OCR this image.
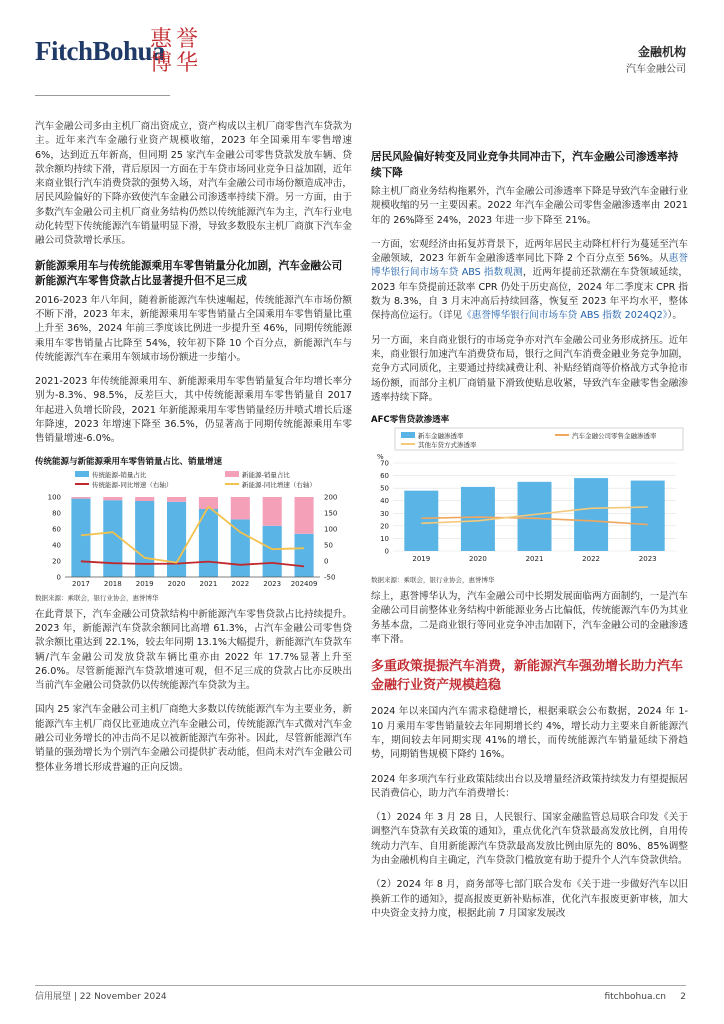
FitchBohua
惠誉博华	金融机构
汽车金融公司

汽车金融公司多由主机厂商出资成立，资产构成以主机厂商零售汽车贷款为主。近年来汽车金融行业资产规模收缩，2023 年全国乘用车零售增速 6%，达到近五年新高，但同期 25 家汽车金融公司零售贷款发放车辆、贷款余额均持续下滑，背后原因一方面在于车贷市场同业竞争日益加剧，近年来商业银行汽车消费贷款的强势入场，对汽车金融公司市场份额造成冲击，居民风险偏好的下降亦致使汽车金融公司渗透率持续下滑。另一方面，由于多数汽车金融公司主机厂商业务结构仍然以传统能源汽车为主，汽车行业电动化转型下传统能源汽车销量明显下滑，导致多数股东主机厂商旗下汽车金融公司贷款增长承压。

新能源乘用车与传统能源乘用车零售销量分化加剧，汽车金融公司新能源汽车零售贷款占比显著提升但不足三成

2016-2023 年八年间，随着新能源汽车快速崛起，传统能源汽车市场份额不断下滑，2023 年末，新能源乘用车零售销量占全国乘用车零售销量比重上升至 36%，2024 年前三季度该比例进一步提升至 46%，同期传统能源乘用车零售销量占比降至 54%，较年初下降 10 个百分点，新能源汽车与传统能源汽车在乘用车领域市场份额进一步缩小。

2021-2023 年传统能源乘用车、新能源乘用车零售销量复合年均增长率分别为-8.3%、98.5%，反差巨大，其中传统能源乘用车零售销量自 2017 年起进入负增长阶段，2021 年新能源乘用车零售销量经历井喷式增长后逐年降速，2023 年增速下降至 36.5%，仍显著高于同期传统能源乘用车零售销量增速-6.0%。

传统能源与新能源乘用车零售销量占比、销量增速
传统能源-销量占比	新能源-销量占比
传统能源-同比增速（右轴）	新能源-同比增速（右轴）
100
80
60
40
20
0
200
150
100
50
0
-50
2017 2018 2019 2020 2021 2022 2023 202409
数据来源：乘联会，银行业协会，惠誉博华

在此背景下，汽车金融公司贷款结构中新能源汽车零售贷款占比持续提升。2023 年，新能源汽车贷款余额同比高增 61.3%，占汽车金融公司零售贷款余额比重达到 22.1%，较去年同期 13.1%大幅提升，新能源汽车贷款车辆/汽车金融公司发放贷款车辆比重亦由 2022 年 17.7%显著上升至 26.0%。尽管新能源汽车贷款增速可观，但不足三成的贷款占比亦反映出当前汽车金融公司贷款仍以传统能源汽车贷款为主。

国内 25 家汽车金融公司主机厂商绝大多数以传统能源汽车为主要业务，新能源汽车主机厂商仅比亚迪成立汽车金融公司，传统能源汽车式微对汽车金融公司业务增长的冲击尚不足以被新能源汽车弥补。因此，尽管新能源汽车销量的强劲增长为个别汽车金融公司提供扩表动能，但尚未对汽车金融公司整体业务增长形成普遍的正向反馈。

居民风险偏好转变及同业竞争共同冲击下，汽车金融公司渗透率持续下降

除主机厂商业务结构拖累外，汽车金融公司渗透率下降是导致汽车金融行业规模收缩的另一主要因素。2022 年汽车金融公司零售金融渗透率由 2021 年的 26%降至 24%，2023 年进一步下降至 21%。

一方面，宏观经济由拓复苏背景下，近两年居民主动降杠杆行为蔓延至汽车金融领域，2023 年新车金融渗透率同比下降 2 个百分点至 56%。从惠誉博华银行间市场车贷 ABS 指数观测，近两年提前还款潮在车贷领域延续，2023 年车贷提前还款率 CPR 仍处于历史高位，2024 年二季度末 CPR 指数为 8.3%，自 3 月末冲高后持续回落，恢复至 2023 年平均水平，整体保持高位运行。（详见《惠誉博华银行间市场车贷 ABS 指数 2024Q2》）。

另一方面，来自商业银行的市场竞争亦对汽车金融公司业务形成挤压。近年来，商业银行加速汽车消费贷布局，银行之间汽车消费金融业务竞争加剧，竞争方式同质化，主要通过持续减费让利、补贴经销商等价格战方式争抢市场份额，而部分主机厂商销量下滑致使贴息收紧，导致汽车金融零售金融渗透率持续下降。

AFC零售贷款渗透率
新车金融渗透率	汽车金融公司零售金融渗透率
其他车贷方式渗透率
%
70
60
50
40
30
20
10
0
2019	2020	2021	2022	2023
数据来源：乘联会，银行业协会，惠誉博华

综上，惠誉博华认为，汽车金融公司中长期发展面临两方面制约，一是汽车金融公司目前整体业务结构中新能源业务占比偏低，传统能源汽车仍为其业务基本盘，二是商业银行等同业竞争冲击加剧下，汽车金融公司的金融渗透率下滑。

多重政策提振汽车消费，新能源汽车强劲增长助力汽车金融行业资产规模趋稳

2024 年以来国内汽车需求稳健增长，根据乘联会公布数据，2024 年 1-10 月乘用车零售销量较去年同期增长约 4%，增长动力主要来自新能源汽车，期间较去年同期实现 41%的增长，而传统能源汽车销量延续下滑趋势，同期销售规模下降约 16%。

2024 年多项汽车行业政策陆续出台以及增量经济政策持续发力有望提振居民消费信心，助力汽车消费增长：

（1）2024 年 3 月 28 日，人民银行、国家金融监管总局联合印发《关于调整汽车贷款有关政策的通知》，重点优化汽车贷款最高发放比例，自用传统动力汽车、自用新能源汽车贷款最高发放比例由原先的 80%、85%调整为由金融机构自主确定，汽车贷款门槛放宽有助于提升个人汽车贷款供给。

（2）2024 年 8 月，商务部等七部门联合发布《关于进一步做好汽车以旧换新工作的通知》，提高报废更新补贴标准，优化汽车报废更新审核，加大中央资金支持力度，根据此前 7 月国家发展改

信用展望 | 22 November 2024	fitchbohua.cn 2
